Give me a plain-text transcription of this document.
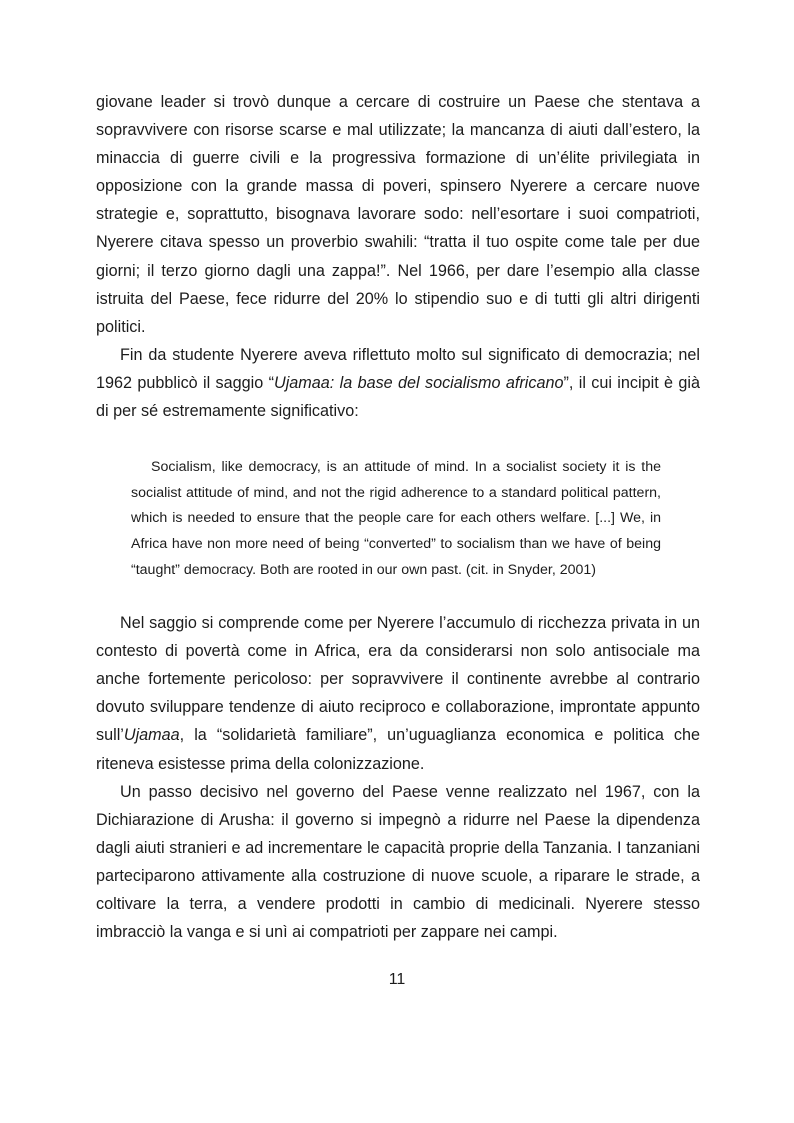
giovane leader si trovò dunque a cercare di costruire un Paese che stentava a sopravvivere con risorse scarse e mal utilizzate; la mancanza di aiuti dall’estero, la minaccia di guerre civili e la progressiva formazione di un’élite privilegiata in opposizione con la grande massa di poveri, spinsero Nyerere a cercare nuove strategie e, soprattutto, bisognava lavorare sodo: nell’esortare i suoi compatrioti, Nyerere citava spesso un proverbio swahili: “tratta il tuo ospite come tale per due giorni; il terzo giorno dagli una zappa!”. Nel 1966, per dare l’esempio alla classe istruita del Paese, fece ridurre del 20% lo stipendio suo e di tutti gli altri dirigenti politici.

Fin da studente Nyerere aveva riflettuto molto sul significato di democrazia; nel 1962 pubblicò il saggio “Ujamaa: la base del socialismo africano”, il cui incipit è già di per sé estremamente significativo:

Socialism, like democracy, is an attitude of mind. In a socialist society it is the socialist attitude of mind, and not the rigid adherence to a standard political pattern, which is needed to ensure that the people care for each others welfare. [...] We, in Africa have non more need of being “converted” to socialism than we have of being “taught” democracy. Both are rooted in our own past. (cit. in Snyder, 2001)

Nel saggio si comprende come per Nyerere l’accumulo di ricchezza privata in un contesto di povertà come in Africa, era da considerarsi non solo antisociale ma anche fortemente pericoloso: per sopravvivere il continente avrebbe al contrario dovuto sviluppare tendenze di aiuto reciproco e collaborazione, improntate appunto sull’Ujamaa, la “solidarietà familiare”, un’uguaglianza economica e politica che riteneva esistesse prima della colonizzazione.

Un passo decisivo nel governo del Paese venne realizzato nel 1967, con la Dichiarazione di Arusha: il governo si impegnò a ridurre nel Paese la dipendenza dagli aiuti stranieri e ad incrementare le capacità proprie della Tanzania. I tanzaniani parteciparono attivamente alla costruzione di nuove scuole, a riparare le strade, a coltivare la terra, a vendere prodotti in cambio di medicinali. Nyerere stesso imbracciò la vanga e si unì ai compatrioti per zappare nei campi.

11
